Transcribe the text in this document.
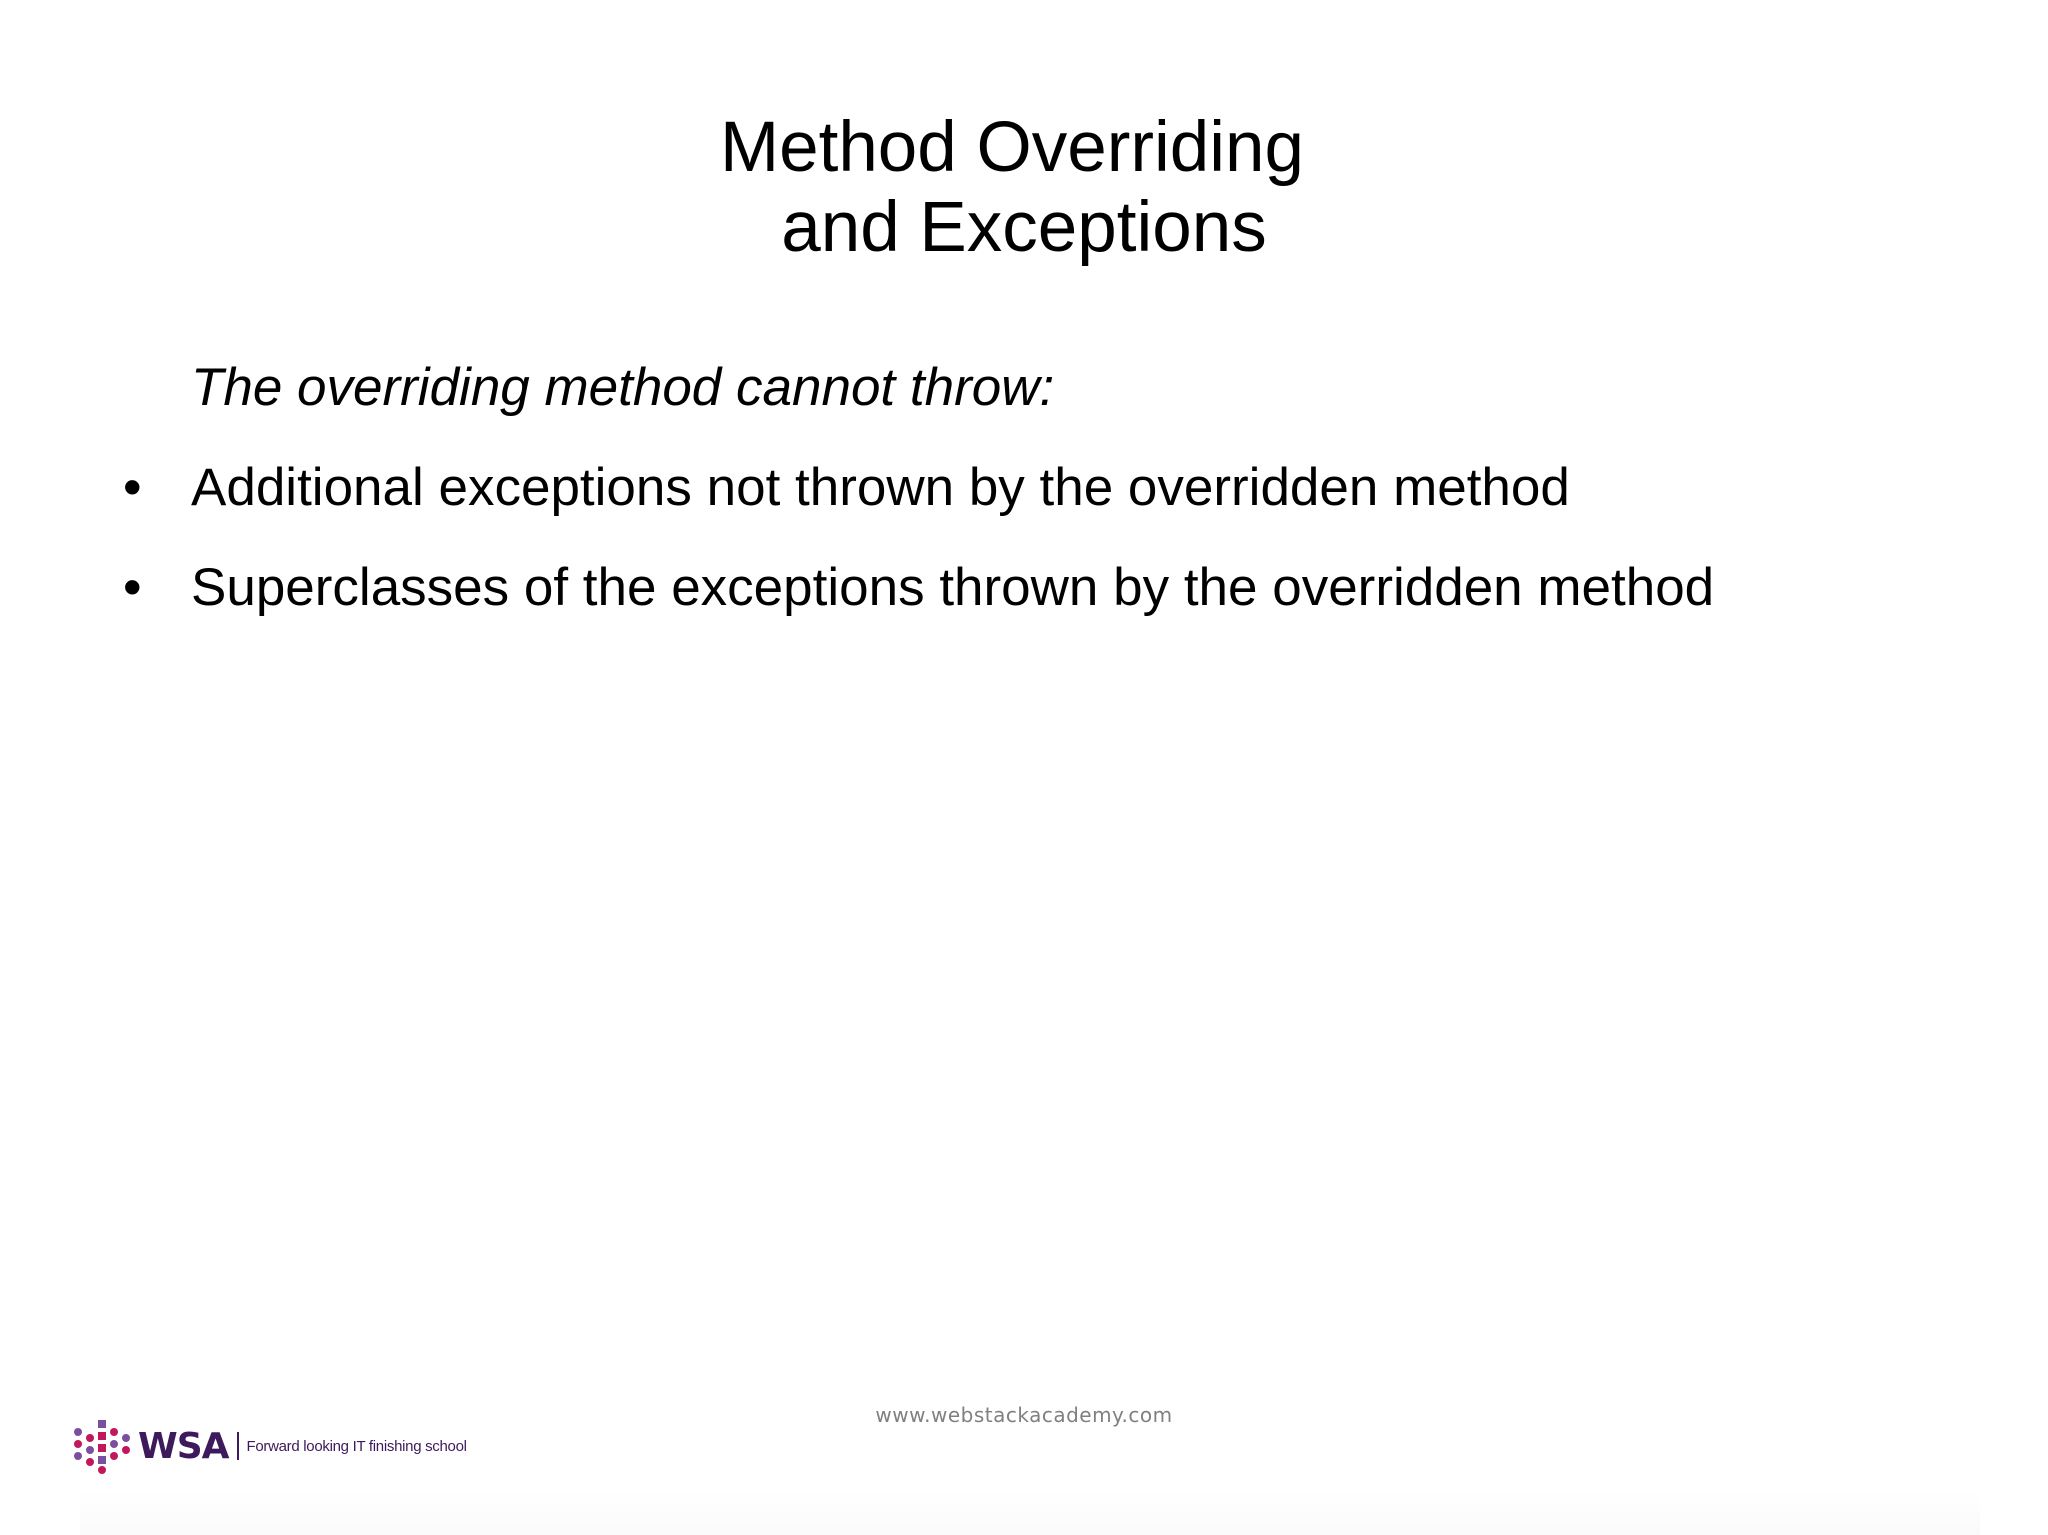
Method Overriding
and Exceptions
The overriding method cannot throw:
• Additional exceptions not thrown by the overridden method
• Superclasses of the exceptions thrown by the overridden method
www.webstackacademy.com
WSA Forward looking IT finishing school
